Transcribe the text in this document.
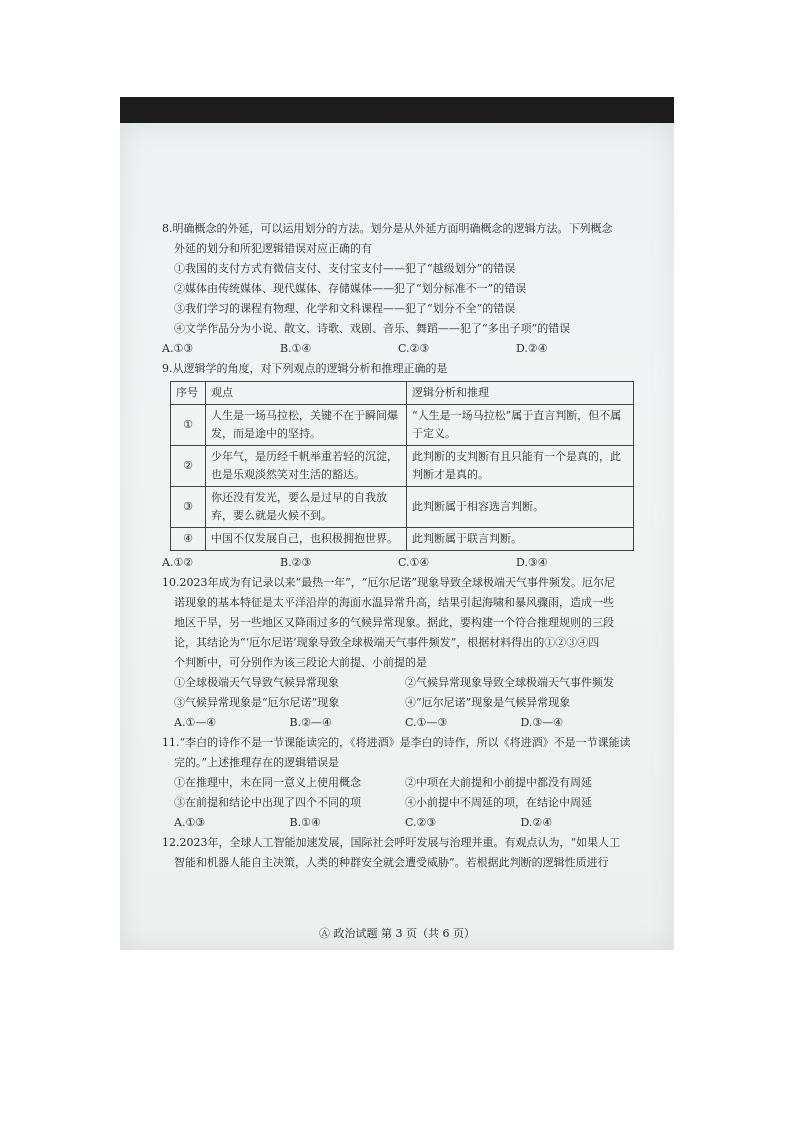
8.明确概念的外延，可以运用划分的方法。划分是从外延方面明确概念的逻辑方法。下列概念
外延的划分和所犯逻辑错误对应正确的有
①我国的支付方式有微信支付、支付宝支付——犯了“越级划分”的错误
②媒体由传统媒体、现代媒体、存储媒体——犯了“划分标准不一”的错误
③我们学习的课程有物理、化学和文科课程——犯了“划分不全”的错误
④文学作品分为小说、散文、诗歌、戏剧、音乐、舞蹈——犯了“多出子项”的错误
A.①③	B.①④	C.②③	D.②④
9.从逻辑学的角度，对下列观点的逻辑分析和推理正确的是
序号	观点	逻辑分析和推理
①	人生是一场马拉松，关键不在于瞬间爆发，而是途中的坚持。	“人生是一场马拉松”属于直言判断，但不属于定义。
②	少年气，是历经千帆举重若轻的沉淀，也是乐观淡然笑对生活的豁达。	此判断的支判断有且只能有一个是真的，此判断才是真的。
③	你还没有发光，要么是过早的自我放弃，要么就是火候不到。	此判断属于相容选言判断。
④	中国不仅发展自己，也积极拥抱世界。	此判断属于联言判断。
A.①②	B.②③	C.①④	D.③④
10.2023年成为有记录以来“最热一年”，“厄尔尼诺”现象导致全球极端天气事件频发。厄尔尼
诺现象的基本特征是太平洋沿岸的海面水温异常升高，结果引起海啸和暴风骤雨，造成一些
地区干旱，另一些地区又降雨过多的气候异常现象。据此，要构建一个符合推理规则的三段
论，其结论为“‘厄尔尼诺’现象导致全球极端天气事件频发”，根据材料得出的①②③④四
个判断中，可分别作为该三段论大前提、小前提的是
①全球极端天气导致气候异常现象	②气候异常现象导致全球极端天气事件频发
③气候异常现象是“厄尔尼诺”现象	④“厄尔尼诺”现象是气候异常现象
A.①—④	B.②—④	C.①—③	D.③—④
11.“李白的诗作不是一节课能读完的，《将进酒》是李白的诗作，所以《将进酒》不是一节课能读
完的。”上述推理存在的逻辑错误是
①在推理中，未在同一意义上使用概念	②中项在大前提和小前提中都没有周延
③在前提和结论中出现了四个不同的项	④小前提中不周延的项，在结论中周延
A.①③	B.①④	C.②③	D.②④
12.2023年，全球人工智能加速发展，国际社会呼吁发展与治理并重。有观点认为，“如果人工
智能和机器人能自主决策，人类的种群安全就会遭受威胁”。若根据此判断的逻辑性质进行
Ⓐ 政治试题 第 3 页（共 6 页）
